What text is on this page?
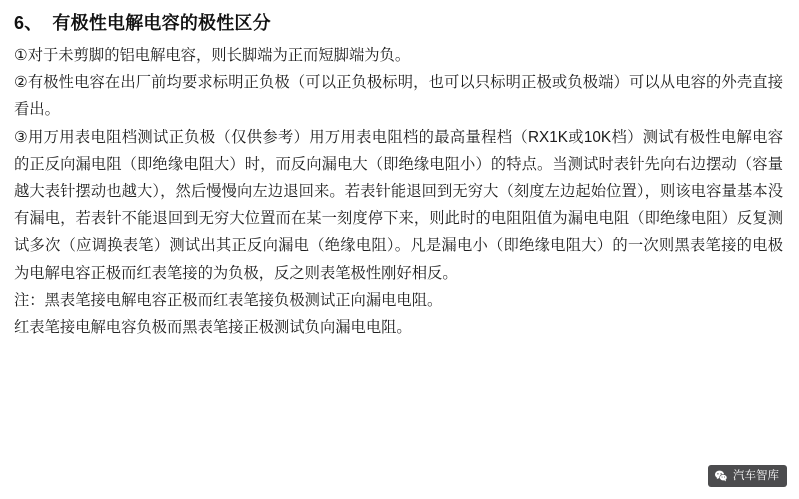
6、 有极性电解电容的极性区分

①对于未剪脚的铝电解电容，则长脚端为正而短脚端为负。

②有极性电容在出厂前均要求标明正负极（可以正负极标明，也可以只标明正极或负极端）可以从电容的外壳直接看出。

③用万用表电阻档测试正负极（仅供参考）用万用表电阻档的最高量程档（RX1K或10K档）测试有极性电解电容的正反向漏电阻（即绝缘电阻大）时，而反向漏电大（即绝缘电阻小）的特点。当测试时表针先向右边摆动（容量越大表针摆动也越大），然后慢慢向左边退回来。若表针能退回到无穷大（刻度左边起始位置），则该电容量基本没有漏电，若表针不能退回到无穷大位置而在某一刻度停下来，则此时的电阻阻值为漏电电阻（即绝缘电阻）反复测试多次（应调换表笔）测试出其正反向漏电（绝缘电阻）。凡是漏电小（即绝缘电阻大）的一次则黑表笔接的电极为电解电容正极而红表笔接的为负极，反之则表笔极性刚好相反。

注：黑表笔接电解电容正极而红表笔接负极测试正向漏电电阻。

红表笔接电解电容负极而黑表笔接正极测试负向漏电电阻。

汽车智库
